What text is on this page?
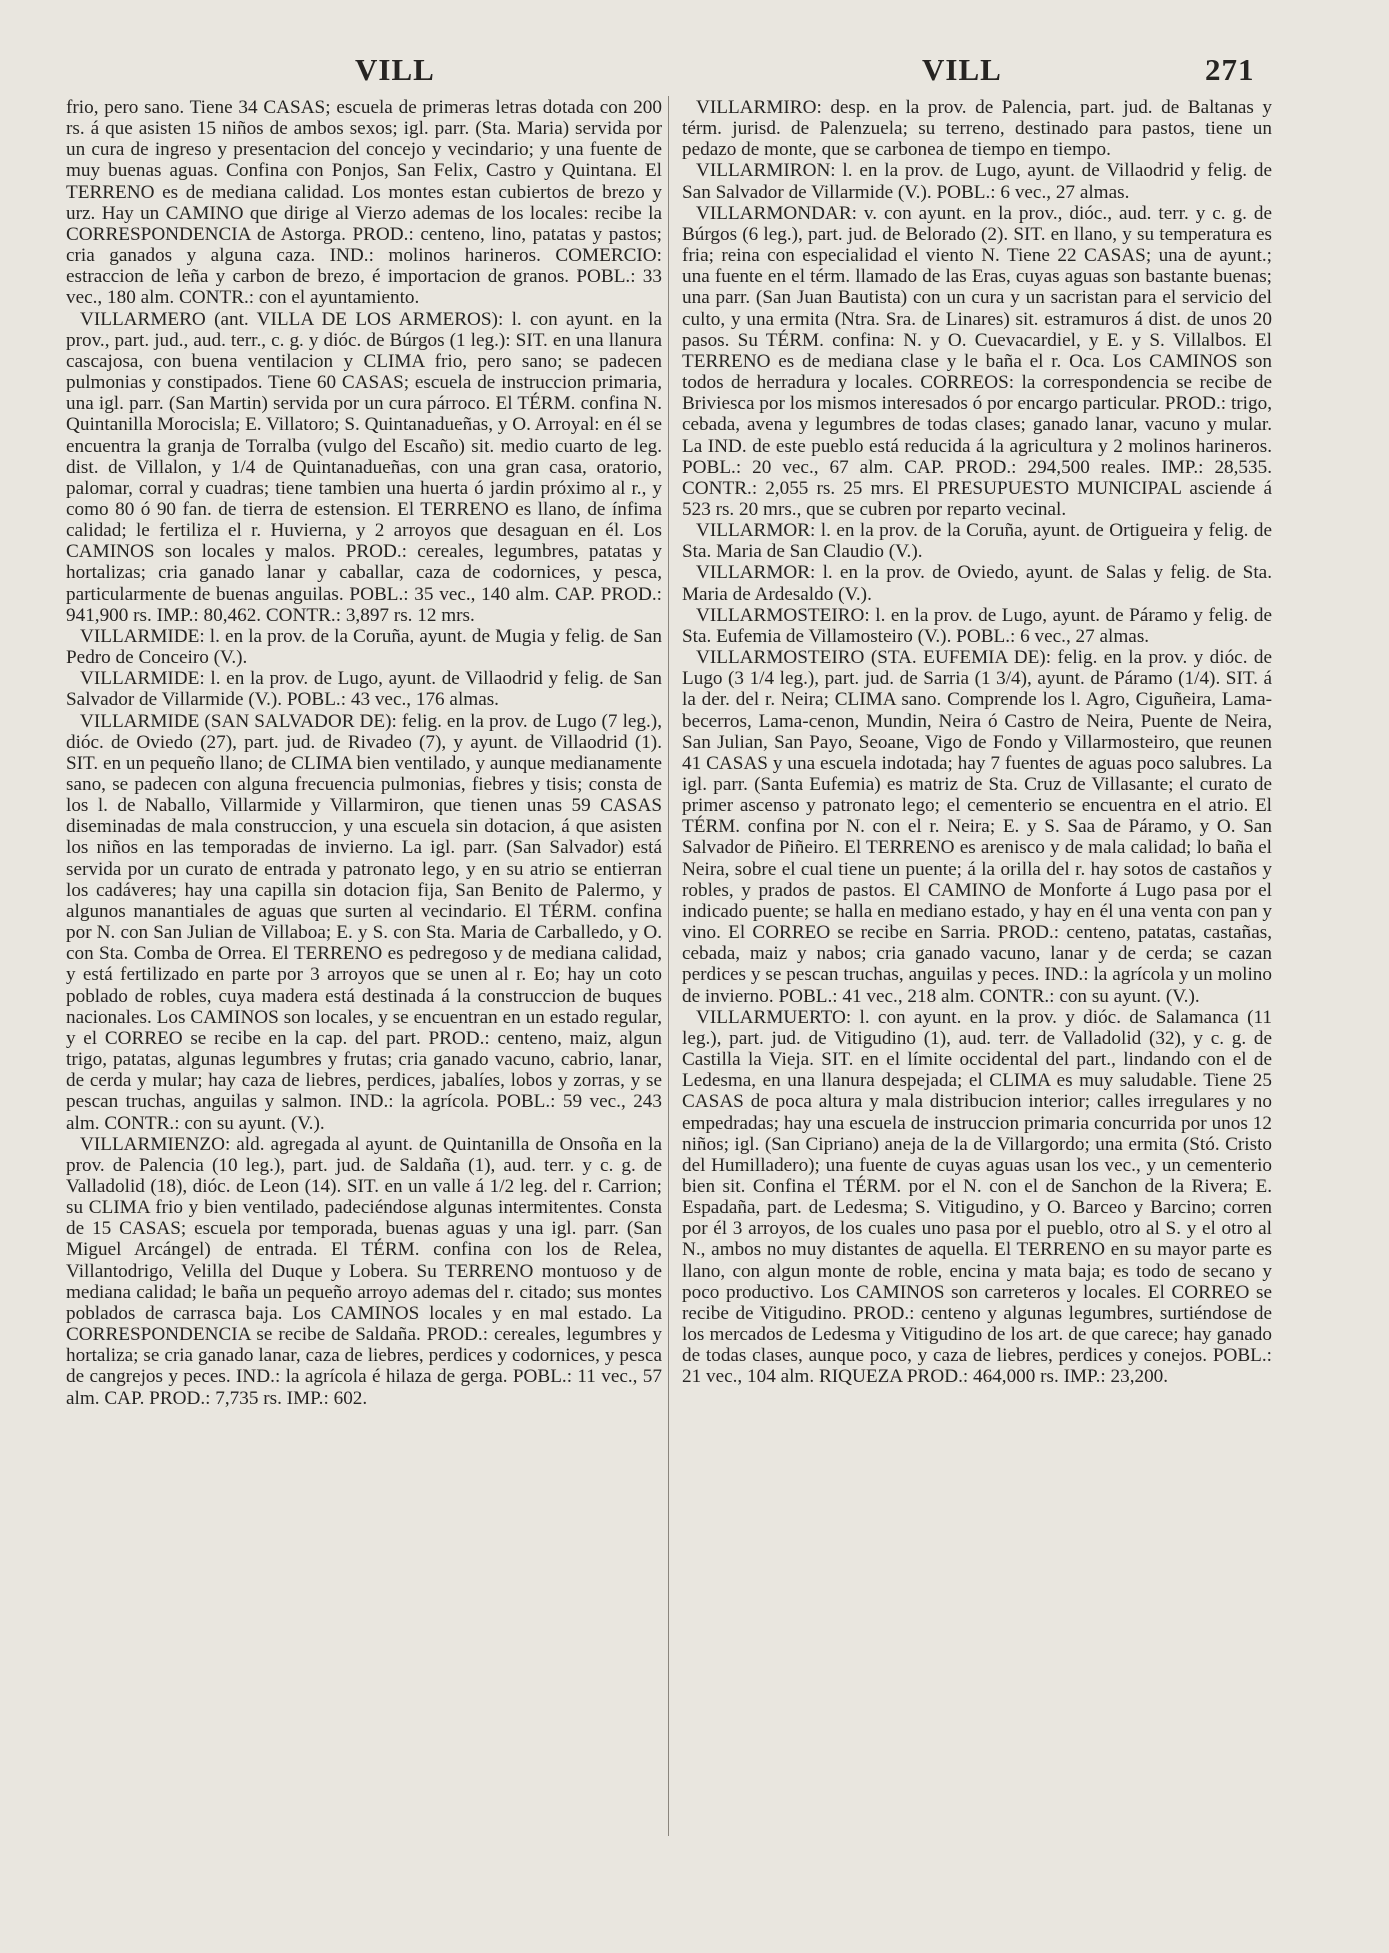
VILL	VILL	271

frio, pero sano. Tiene 34 CASAS; escuela de primeras letras dotada con 200 rs. á que asisten 15 niños de ambos sexos; igl. parr. (Sta. Maria) servida por un cura de ingreso y presentacion del concejo y vecindario; y una fuente de muy buenas aguas. Confina con Ponjos, San Felix, Castro y Quintana. El TERRENO es de mediana calidad. Los montes estan cubiertos de brezo y urz. Hay un CAMINO que dirige al Vierzo ademas de los locales: recibe la CORRESPONDENCIA de Astorga. PROD.: centeno, lino, patatas y pastos; cria ganados y alguna caza. IND.: molinos harineros. COMERCIO: estraccion de leña y carbon de brezo, é importacion de granos. POBL.: 33 vec., 180 alm. CONTR.: con el ayuntamiento.

VILLARMERO (ant. VILLA DE LOS ARMEROS): l. con ayunt. en la prov., part. jud., aud. terr., c. g. y dióc. de Búrgos (1 leg.): SIT. en una llanura cascajosa, con buena ventilacion y CLIMA frio, pero sano; se padecen pulmonias y constipados. Tiene 60 CASAS; escuela de instruccion primaria, una igl. parr. (San Martin) servida por un cura párroco. El TÉRM. confina N. Quintanilla Morocisla; E. Villatoro; S. Quintanadueñas, y O. Arroyal: en él se encuentra la granja de Torralba (vulgo del Escaño) sit. medio cuarto de leg. dist. de Villalon, y 1/4 de Quintanadueñas, con una gran casa, oratorio, palomar, corral y cuadras; tiene tambien una huerta ó jardin próximo al r., y como 80 ó 90 fan. de tierra de estension. El TERRENO es llano, de ínfima calidad; le fertiliza el r. Huvierna, y 2 arroyos que desaguan en él. Los CAMINOS son locales y malos. PROD.: cereales, legumbres, patatas y hortalizas; cria ganado lanar y caballar, caza de codornices, y pesca, particularmente de buenas anguilas. POBL.: 35 vec., 140 alm. CAP. PROD.: 941,900 rs. IMP.: 80,462. CONTR.: 3,897 rs. 12 mrs.

VILLARMIDE: l. en la prov. de la Coruña, ayunt. de Mugia y felig. de San Pedro de Conceiro (V.).

VILLARMIDE: l. en la prov. de Lugo, ayunt. de Villaodrid y felig. de San Salvador de Villarmide (V.). POBL.: 43 vec., 176 almas.

VILLARMIDE (SAN SALVADOR DE): felig. en la prov. de Lugo (7 leg.), dióc. de Oviedo (27), part. jud. de Rivadeo (7), y ayunt. de Villaodrid (1). SIT. en un pequeño llano; de CLIMA bien ventilado, y aunque medianamente sano, se padecen con alguna frecuencia pulmonias, fiebres y tisis; consta de los l. de Naballo, Villarmide y Villarmiron, que tienen unas 59 CASAS diseminadas de mala construccion, y una escuela sin dotacion, á que asisten los niños en las temporadas de invierno. La igl. parr. (San Salvador) está servida por un curato de entrada y patronato lego, y en su atrio se entierran los cadáveres; hay una capilla sin dotacion fija, San Benito de Palermo, y algunos manantiales de aguas que surten al vecindario. El TÉRM. confina por N. con San Julian de Villaboa; E. y S. con Sta. Maria de Carballedo, y O. con Sta. Comba de Orrea. El TERRENO es pedregoso y de mediana calidad, y está fertilizado en parte por 3 arroyos que se unen al r. Eo; hay un coto poblado de robles, cuya madera está destinada á la construccion de buques nacionales. Los CAMINOS son locales, y se encuentran en un estado regular, y el CORREO se recibe en la cap. del part. PROD.: centeno, maiz, algun trigo, patatas, algunas legumbres y frutas; cria ganado vacuno, cabrio, lanar, de cerda y mular; hay caza de liebres, perdices, jabalíes, lobos y zorras, y se pescan truchas, anguilas y salmon. IND.: la agrícola. POBL.: 59 vec., 243 alm. CONTR.: con su ayunt. (V.).

VILLARMIENZO: ald. agregada al ayunt. de Quintanilla de Onsoña en la prov. de Palencia (10 leg.), part. jud. de Saldaña (1), aud. terr. y c. g. de Valladolid (18), dióc. de Leon (14). SIT. en un valle á 1/2 leg. del r. Carrion; su CLIMA frio y bien ventilado, padeciéndose algunas intermitentes. Consta de 15 CASAS; escuela por temporada, buenas aguas y una igl. parr. (San Miguel Arcángel) de entrada. El TÉRM. confina con los de Relea, Villantodrigo, Velilla del Duque y Lobera. Su TERRENO montuoso y de mediana calidad; le baña un pequeño arroyo ademas del r. citado; sus montes poblados de carrasca baja. Los CAMINOS locales y en mal estado. La CORRESPONDENCIA se recibe de Saldaña. PROD.: cereales, legumbres y hortaliza; se cria ganado lanar, caza de liebres, perdices y codornices, y pesca de cangrejos y peces. IND.: la agrícola é hilaza de gerga. POBL.: 11 vec., 57 alm. CAP. PROD.: 7,735 rs. IMP.: 602.

VILLARMIRO: desp. en la prov. de Palencia, part. jud. de Baltanas y térm. jurisd. de Palenzuela; su terreno, destinado para pastos, tiene un pedazo de monte, que se carbonea de tiempo en tiempo.

VILLARMIRON: l. en la prov. de Lugo, ayunt. de Villaodrid y felig. de San Salvador de Villarmide (V.). POBL.: 6 vec., 27 almas.

VILLARMONDAR: v. con ayunt. en la prov., dióc., aud. terr. y c. g. de Búrgos (6 leg.), part. jud. de Belorado (2). SIT. en llano, y su temperatura es fria; reina con especialidad el viento N. Tiene 22 CASAS; una de ayunt.; una fuente en el térm. llamado de las Eras, cuyas aguas son bastante buenas; una parr. (San Juan Bautista) con un cura y un sacristan para el servicio del culto, y una ermita (Ntra. Sra. de Linares) sit. estramuros á dist. de unos 20 pasos. Su TÉRM. confina: N. y O. Cuevacardiel, y E. y S. Villalbos. El TERRENO es de mediana clase y le baña el r. Oca. Los CAMINOS son todos de herradura y locales. CORREOS: la correspondencia se recibe de Briviesca por los mismos interesados ó por encargo particular. PROD.: trigo, cebada, avena y legumbres de todas clases; ganado lanar, vacuno y mular. La IND. de este pueblo está reducida á la agricultura y 2 molinos harineros. POBL.: 20 vec., 67 alm. CAP. PROD.: 294,500 reales. IMP.: 28,535. CONTR.: 2,055 rs. 25 mrs. El PRESUPUESTO MUNICIPAL asciende á 523 rs. 20 mrs., que se cubren por reparto vecinal.

VILLARMOR: l. en la prov. de la Coruña, ayunt. de Ortigueira y felig. de Sta. Maria de San Claudio (V.).

VILLARMOR: l. en la prov. de Oviedo, ayunt. de Salas y felig. de Sta. Maria de Ardesaldo (V.).

VILLARMOSTEIRO: l. en la prov. de Lugo, ayunt. de Páramo y felig. de Sta. Eufemia de Villamosteiro (V.). POBL.: 6 vec., 27 almas.

VILLARMOSTEIRO (STA. EUFEMIA DE): felig. en la prov. y dióc. de Lugo (3 1/4 leg.), part. jud. de Sarria (1 3/4), ayunt. de Páramo (1/4). SIT. á la der. del r. Neira; CLIMA sano. Comprende los l. Agro, Ciguñeira, Lama-becerros, Lama-cenon, Mundin, Neira ó Castro de Neira, Puente de Neira, San Julian, San Payo, Seoane, Vigo de Fondo y Villarmosteiro, que reunen 41 CASAS y una escuela indotada; hay 7 fuentes de aguas poco salubres. La igl. parr. (Santa Eufemia) es matriz de Sta. Cruz de Villasante; el curato de primer ascenso y patronato lego; el cementerio se encuentra en el atrio. El TÉRM. confina por N. con el r. Neira; E. y S. Saa de Páramo, y O. San Salvador de Piñeiro. El TERRENO es arenisco y de mala calidad; lo baña el Neira, sobre el cual tiene un puente; á la orilla del r. hay sotos de castaños y robles, y prados de pastos. El CAMINO de Monforte á Lugo pasa por el indicado puente; se halla en mediano estado, y hay en él una venta con pan y vino. El CORREO se recibe en Sarria. PROD.: centeno, patatas, castañas, cebada, maiz y nabos; cria ganado vacuno, lanar y de cerda; se cazan perdices y se pescan truchas, anguilas y peces. IND.: la agrícola y un molino de invierno. POBL.: 41 vec., 218 alm. CONTR.: con su ayunt. (V.).

VILLARMUERTO: l. con ayunt. en la prov. y dióc. de Salamanca (11 leg.), part. jud. de Vitigudino (1), aud. terr. de Valladolid (32), y c. g. de Castilla la Vieja. SIT. en el límite occidental del part., lindando con el de Ledesma, en una llanura despejada; el CLIMA es muy saludable. Tiene 25 CASAS de poca altura y mala distribucion interior; calles irregulares y no empedradas; hay una escuela de instruccion primaria concurrida por unos 12 niños; igl. (San Cipriano) aneja de la de Villargordo; una ermita (Stó. Cristo del Humilladero); una fuente de cuyas aguas usan los vec., y un cementerio bien sit. Confina el TÉRM. por el N. con el de Sanchon de la Rivera; E. Espadaña, part. de Ledesma; S. Vitigudino, y O. Barceo y Barcino; corren por él 3 arroyos, de los cuales uno pasa por el pueblo, otro al S. y el otro al N., ambos no muy distantes de aquella. El TERRENO en su mayor parte es llano, con algun monte de roble, encina y mata baja; es todo de secano y poco productivo. Los CAMINOS son carreteros y locales. El CORREO se recibe de Vitigudino. PROD.: centeno y algunas legumbres, surtiéndose de los mercados de Ledesma y Vitigudino de los art. de que carece; hay ganado de todas clases, aunque poco, y caza de liebres, perdices y conejos. POBL.: 21 vec., 104 alm. RIQUEZA PROD.: 464,000 rs. IMP.: 23,200.
